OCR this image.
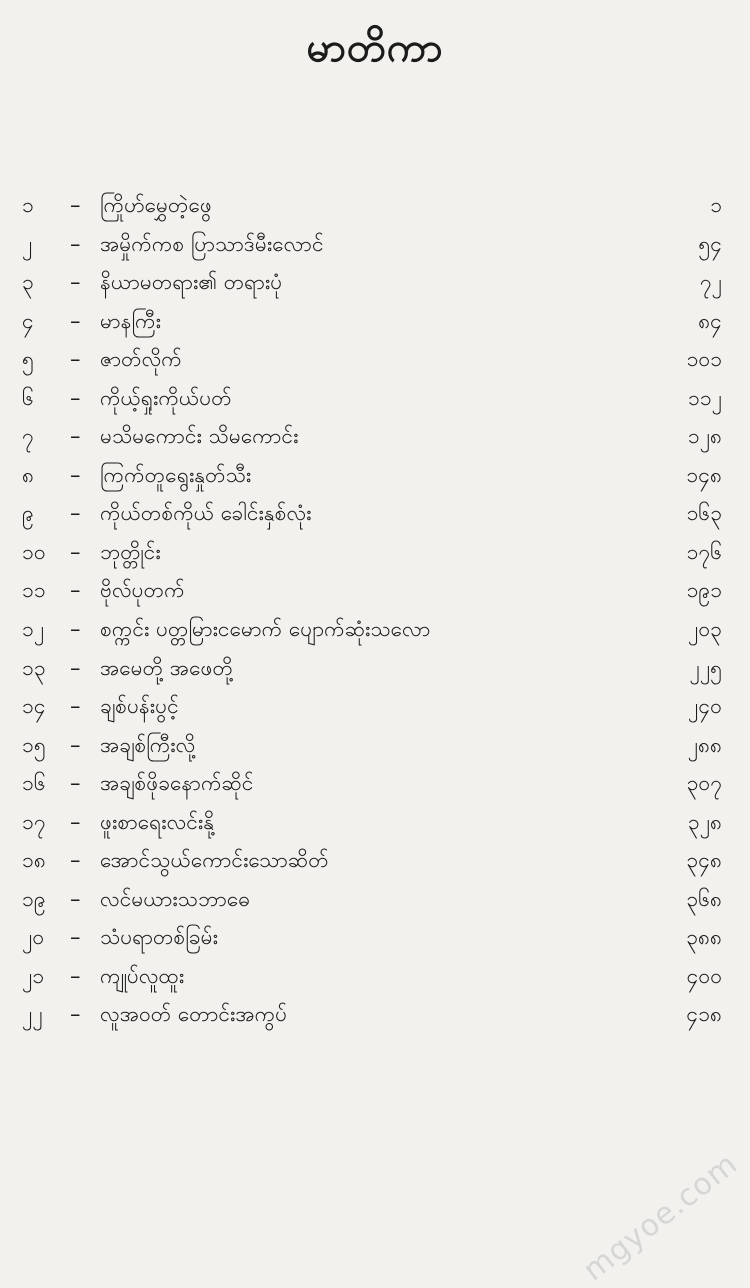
မာတိကာ
၁ – ကြိုဟ်မွှေတဲ့ဖွေ	၁
၂ – အမှိုက်ကစ ပြာသာဒ်မီးလောင်	၅၄
၃ – နိယာမတရား၏ တရားပုံ	၇၂
၄ – မာနကြီး	၈၄
၅ – ဇာတ်လိုက်	၁၀၁
၆ – ကိုယ့်ရှုးကိုယ်ပတ်	၁၁၂
၇ – မသိမကောင်း သိမကောင်း	၁၂၈
၈ – ကြက်တူရွေးနှုတ်သီး	၁၄၈
၉ – ကိုယ်တစ်ကိုယ် ခေါင်းနှစ်လုံး	၁၆၃
၁၀ – ဘုတ္တိုင်း	၁၇၆
၁၁ – ဗိုလ်ပုတက်	၁၉၁
၁၂ – စက္ကင်း ပတ္တမြားငမောက် ပျောက်ဆုံးသလော	၂၀၃
၁၃ – အမေတို့ အဖေတို့	၂၂၅
၁၄ – ချစ်ပန်းပွင့်	၂၄၀
၁၅ – အချစ်ကြီးလို့	၂၈၈
၁၆ – အချစ်ဖိုခနောက်ဆိုင်	၃၀၇
၁၇ – ဖူးစာရေးလင်းနို့	၃၂၈
၁၈ – အောင်သွယ်ကောင်းသောဆိတ်	၃၄၈
၁၉ – လင်မယားသဘာဓေ	၃၆၈
၂၀ – သံပရာတစ်ခြမ်း	၃၈၈
၂၁ – ကျုပ်လူထူး	၄၀၀
၂၂ – လူအဝတ် တောင်းအကွပ်	၄၁၈
mgyoe.com
